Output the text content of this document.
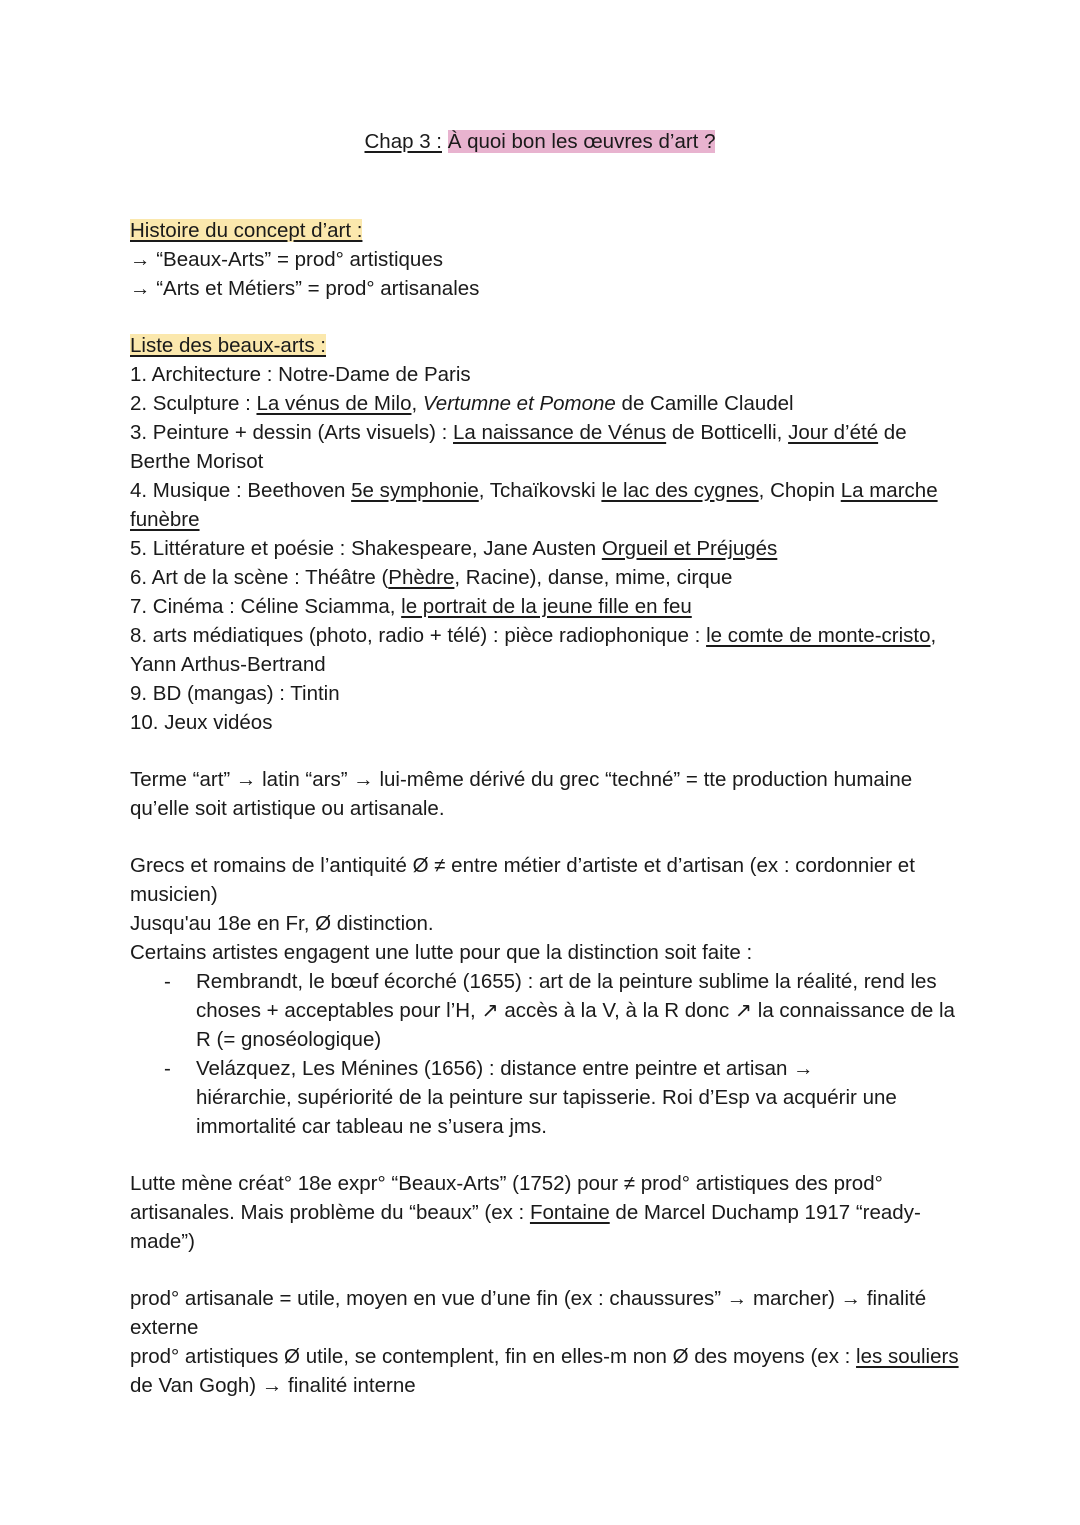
Chap 3 : À quoi bon les œuvres d’art ?
Histoire du concept d’art :
→ “Beaux-Arts” = prod° artistiques
→ “Arts et Métiers” = prod° artisanales
Liste des beaux-arts :
1. Architecture : Notre-Dame de Paris
2. Sculpture : La vénus de Milo, Vertumne et Pomone de Camille Claudel
3. Peinture + dessin (Arts visuels) : La naissance de Vénus de Botticelli, Jour d’été de Berthe Morisot
4. Musique : Beethoven 5e symphonie, Tchaïkovski le lac des cygnes, Chopin La marche funèbre
5. Littérature et poésie : Shakespeare, Jane Austen Orgueil et Préjugés
6. Art de la scène : Théâtre (Phèdre, Racine), danse, mime, cirque
7. Cinéma : Céline Sciamma, le portrait de la jeune fille en feu
8. arts médiatiques (photo, radio + télé) : pièce radiophonique : le comte de monte-cristo, Yann Arthus-Bertrand
9. BD (mangas) : Tintin
10. Jeux vidéos
Terme “art” → latin “ars” → lui-même dérivé du grec “techné” = tte production humaine qu’elle soit artistique ou artisanale.
Grecs et romains de l’antiquité Ø ≠ entre métier d’artiste et d’artisan (ex : cordonnier et musicien)
Jusqu'au 18e en Fr, Ø distinction.
Certains artistes engagent une lutte pour que la distinction soit faite :
- Rembrandt, le bœuf écorché (1655) : art de la peinture sublime la réalité, rend les choses + acceptables pour l’H, ↗ accès à la V, à la R donc ↗ la connaissance de la R (= gnoséologique)
- Velázquez, Les Ménines (1656) : distance entre peintre et artisan → hiérarchie, supériorité de la peinture sur tapisserie. Roi d’Esp va acquérir une immortalité car tableau ne s’usera jms.
Lutte mène créat° 18e expr° “Beaux-Arts” (1752) pour ≠ prod° artistiques des prod° artisanales. Mais problème du “beaux” (ex : Fontaine de Marcel Duchamp 1917 “ready-made”)
prod° artisanale = utile, moyen en vue d’une fin (ex : chaussures” → marcher) → finalité externe
prod° artistiques Ø utile, se contemplent, fin en elles-m non Ø des moyens (ex : les souliers de Van Gogh) → finalité interne
